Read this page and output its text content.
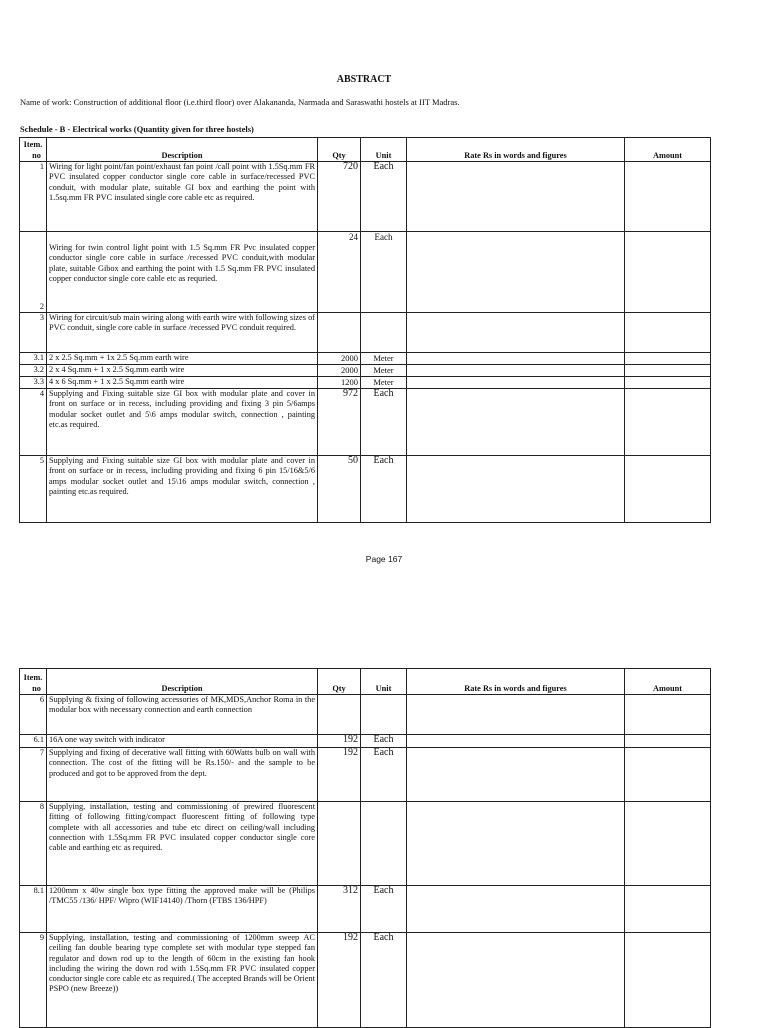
ABSTRACT
Name of work: Construction of additional floor (i.e.third floor) over Alakananda, Narmada and Saraswathi hostels at IIT Madras.
Schedule - B - Electrical works (Quantity given for three hostels)
Item.
no	Description	Qty	Unit	Rate Rs in words and figures	Amount
1	Wiring for light point/fan point/exhaust fan point /call point with 1.5Sq.mm FR PVC insulated copper conductor single core cable in surface/recessed PVC conduit, with modular plate, suitable GI box and earthing the point with 1.5sq.mm FR PVC insulated single core cable etc as required.	720	Each		
2	Wiring for twin control light point with 1.5 Sq.mm FR Pvc insulated copper conductor single core cable in surface /recessed PVC conduit,with modular plate, suitable Gibox and earthing the point with 1.5 Sq.mm FR PVC insulated copper conductor single core cable etc as requried.	24	Each		
3	Wiring for circuit/sub main wiring along with earth wire with following sizes of PVC conduit, single core cable in surface /recessed PVC conduit required.				
3.1	2 x 2.5 Sq.mm + 1x 2.5 Sq.mm earth wire	2000	Meter		
3.2	2 x 4 Sq.mm + 1 x 2.5 Sq.mm earth wire	2000	Meter		
3.3	4 x 6 Sq.mm + 1 x 2.5 Sq.mm earth wire	1200	Meter		
4	Supplying and Fixing suitable size GI box with modular plate and cover in front on surface or in recess, including providing and fixing 3 pin 5/6amps modular socket outlet and 5\6 amps modular switch, connection , painting etc.as required.	972	Each		
5	Supplying and Fixing suitable size GI box with modular plate and cover in front on surface or in recess, including providing and fixing 6 pin 15/16&5/6 amps modular socket outlet and 15\16 amps modular switch, connection , painting etc.as required.	50	Each		
Page 167
Item.
no	Description	Qty	Unit	Rate Rs in words and figures	Amount
6	Supplying & fixing of following accessories of MK,MDS,Anchor Roma in the modular box with necessary connection and earth connection				
6.1	16A one way switch with indicator	192	Each		
7	Supplying and fixing of decerative wall fitting with 60Watts bulb on wall with connection. The cost of the fitting will be Rs.150/- and the sample to be produced and got to be approved from the dept.	192	Each		
8	Supplying, installation, testing and commissioning of prewired fluorescent fitting of following fitting/compact fluorescent fitting of following type complete with all accessories and tube etc direct on ceiling/wall including connection with 1.5Sq.mm FR PVC insulated copper conductor single core cable and earthing etc as required.				
8.1	1200mm x 40w single box type fitting the approved make will be (Philips /TMC55 /136/ HPF/ Wipro (WIF14140) /Thorn (FTBS 136/HPF)	312	Each		
9	Supplying, installation, testing and commissioning of 1200mm sweep AC ceiling fan double bearing type complete set with modular type stepped fan regulator and down rod up to the length of 60cm in the existing fan hook including the wiring the down rod with 1.5Sq.mm FR PVC insulated copper conductor single core cable etc as required.( The accepted Brands will be Orient PSPO (new Breeze))	192	Each		
